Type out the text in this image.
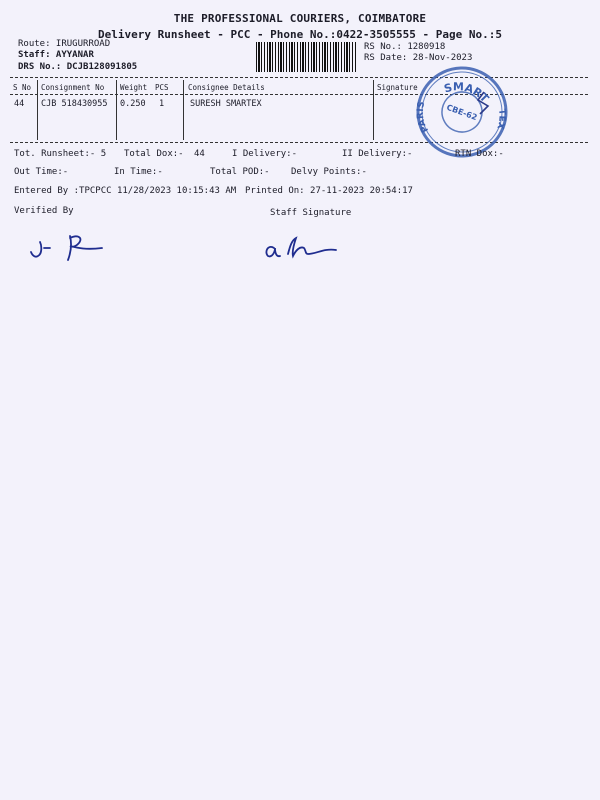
THE PROFESSIONAL COURIERS, COIMBATORE
Delivery Runsheet - PCC - Phone No.:0422-3505555 - Page No.:5
Route: IRUGURROAD
Staff: AYYANAR
DRS No.: DCJB128091805
RS No.: 1280918
RS Date: 28-Nov-2023
S No Consignment No Weight PCS	Consignee Details	Signature
44 CJB 518430955 0.250 1	SURESH SMARTEX
SMART
PARIS
TEX
CBE-62
Tot. Runsheet:- 5 Total Dox:- 44	I Delivery:-	II Delivery:-	RTN Dox:-
Out Time:-	In Time:-	Total POD:- Delvy Points:-
Entered By :TPCPCC 11/28/2023 10:15:43 AM Printed On: 27-11-2023 20:54:17
Verified By	Staff Signature
